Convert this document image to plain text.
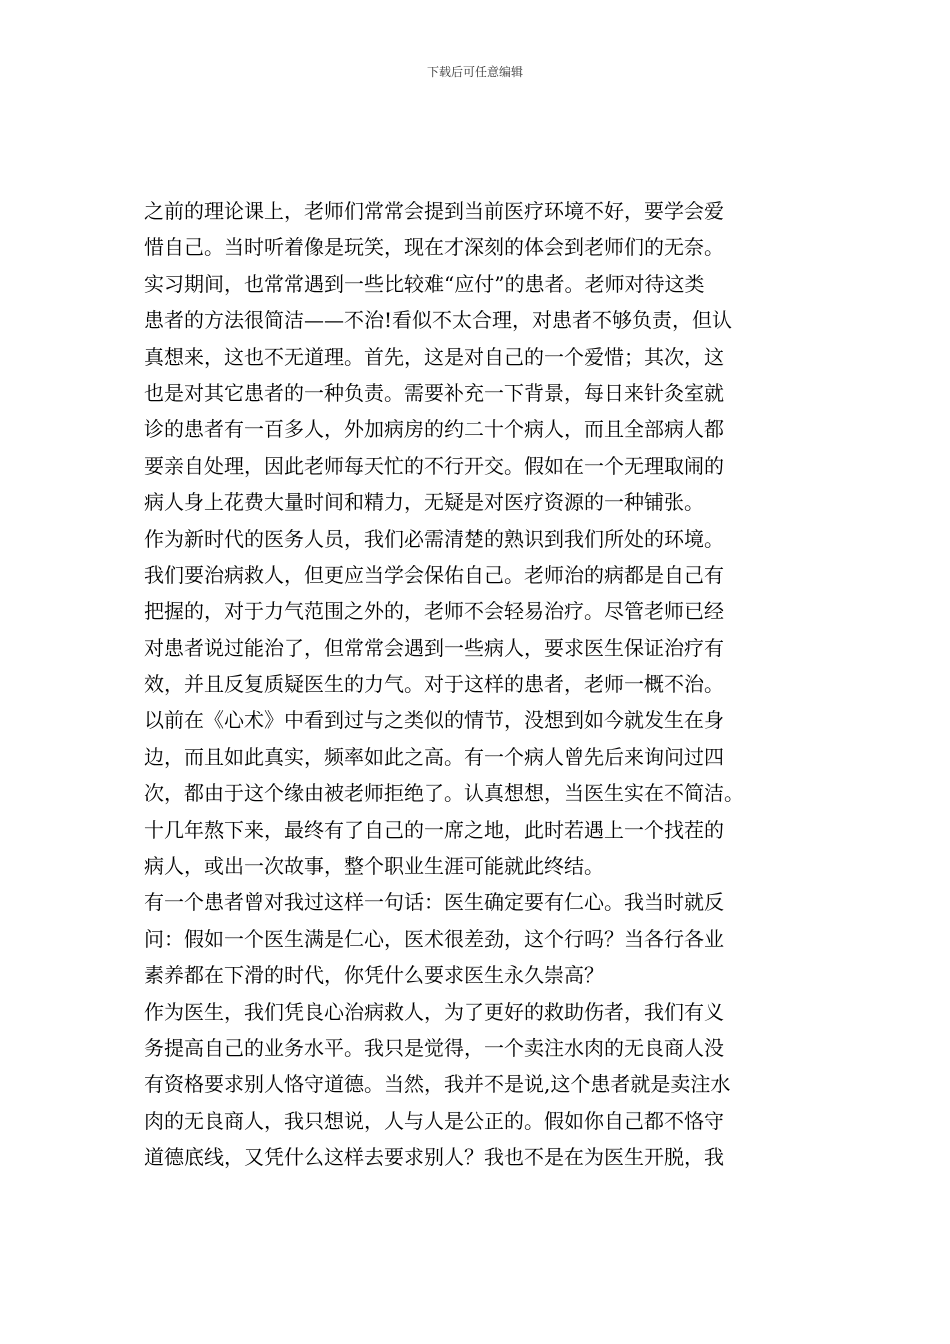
下载后可任意编辑
之前的理论课上，老师们常常会提到当前医疗环境不好，要学会爱
惜自己。当时听着像是玩笑，现在才深刻的体会到老师们的无奈。
实习期间，也常常遇到一些比较难“应付”的患者。老师对待这类
患者的方法很简洁——不治!看似不太合理，对患者不够负责，但认
真想来，这也不无道理。首先，这是对自己的一个爱惜；其次，这
也是对其它患者的一种负责。需要补充一下背景，每日来针灸室就
诊的患者有一百多人，外加病房的约二十个病人，而且全部病人都
要亲自处理，因此老师每天忙的不行开交。假如在一个无理取闹的
病人身上花费大量时间和精力，无疑是对医疗资源的一种铺张。
作为新时代的医务人员，我们必需清楚的熟识到我们所处的环境。
我们要治病救人，但更应当学会保佑自己。老师治的病都是自己有
把握的，对于力气范围之外的，老师不会轻易治疗。尽管老师已经
对患者说过能治了，但常常会遇到一些病人，要求医生保证治疗有
效，并且反复质疑医生的力气。对于这样的患者，老师一概不治。
以前在《心术》中看到过与之类似的情节，没想到如今就发生在身
边，而且如此真实，频率如此之高。有一个病人曾先后来询问过四
次，都由于这个缘由被老师拒绝了。认真想想，当医生实在不简洁。
十几年熬下来，最终有了自己的一席之地，此时若遇上一个找茬的
病人，或出一次故事，整个职业生涯可能就此终结。
有一个患者曾对我过这样一句话：医生确定要有仁心。我当时就反
问：假如一个医生满是仁心，医术很差劲，这个行吗？当各行各业
素养都在下滑的时代，你凭什么要求医生永久崇高？
作为医生，我们凭良心治病救人，为了更好的救助伤者，我们有义
务提高自己的业务水平。我只是觉得，一个卖注水肉的无良商人没
有资格要求别人恪守道德。当然，我并不是说,这个患者就是卖注水
肉的无良商人，我只想说，人与人是公正的。假如你自己都不恪守
道德底线，又凭什么这样去要求别人？我也不是在为医生开脱，我
